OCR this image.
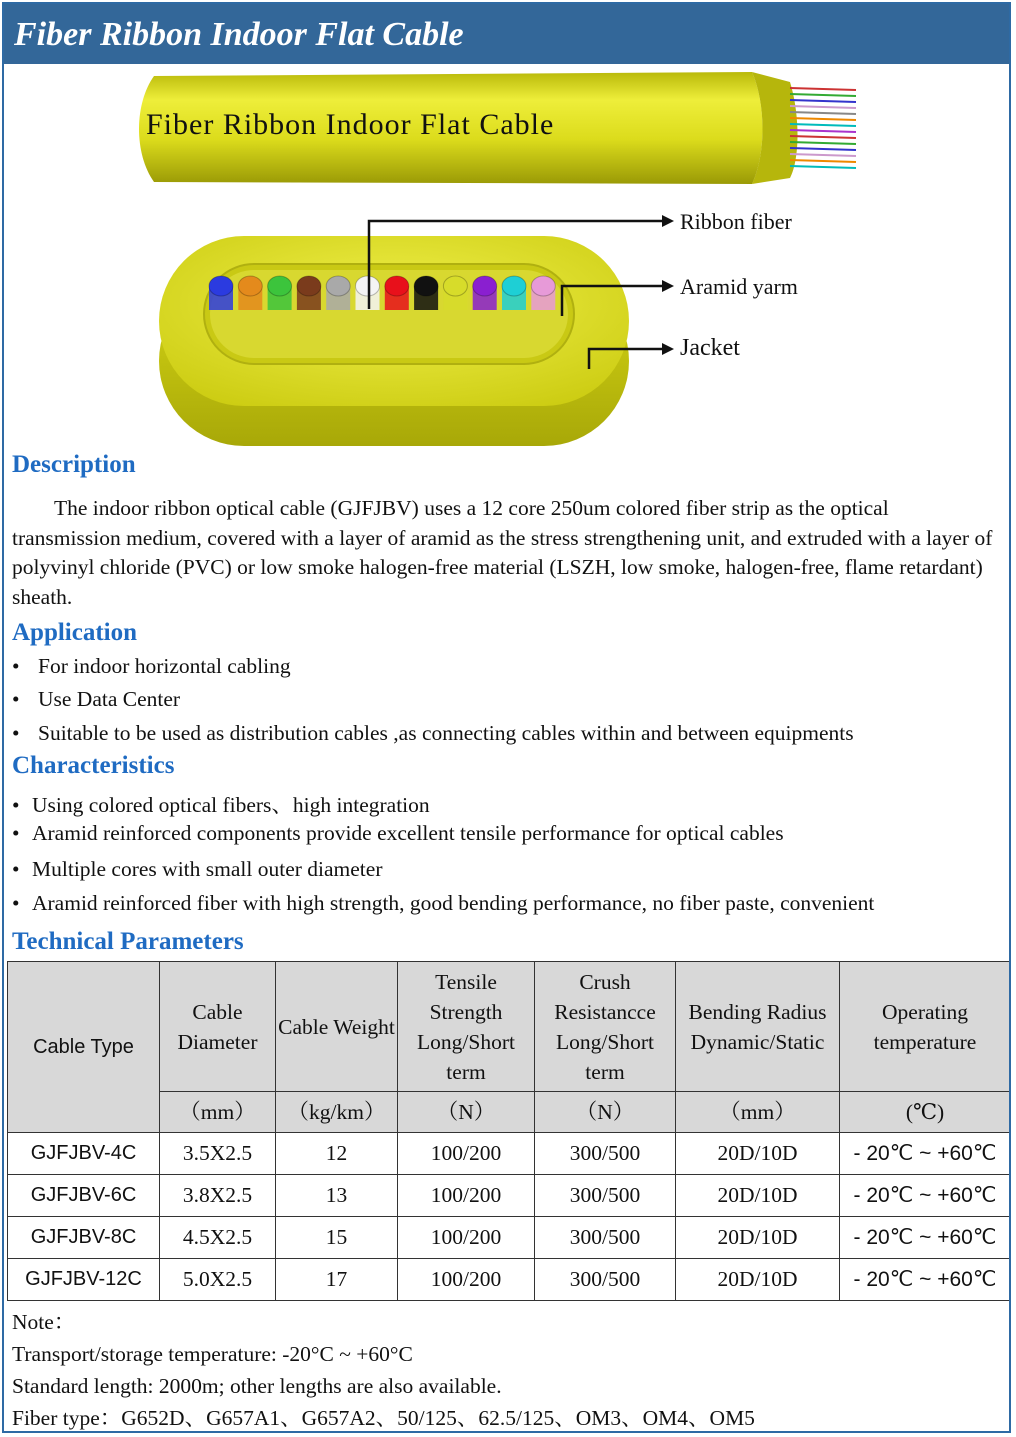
Fiber Ribbon Indoor Flat Cable
Fiber Ribbon Indoor Flat Cable
Ribbon fiber
Aramid yarm
Jacket
Description
The indoor ribbon optical cable (GJFJBV) uses a 12 core 250um colored fiber strip as the optical transmission medium, covered with a layer of aramid as the stress strengthening unit, and extruded with a layer of polyvinyl chloride (PVC) or low smoke halogen-free material (LSZH, low smoke, halogen-free, flame retardant) sheath.
Application
• For indoor horizontal cabling
• Use Data Center
• Suitable to be used as distribution cables ,as connecting cables within and between equipments
Characteristics
• Using colored optical fibers、high integration
• Aramid reinforced components provide excellent tensile performance for optical cables
• Multiple cores with small outer diameter
• Aramid reinforced fiber with high strength, good bending performance, no fiber paste, convenient
Technical Parameters
Cable Type	Cable Diameter	Cable Weight	Tensile Strength Long/Short term	Crush Resistancce Long/Short term	Bending Radius Dynamic/Static	Operating temperature
	（mm）	（kg/km）	（N）	（N）	（mm）	(℃)
GJFJBV-4C	3.5X2.5	12	100/200	300/500	20D/10D	- 20℃ ~ +60℃
GJFJBV-6C	3.8X2.5	13	100/200	300/500	20D/10D	- 20℃ ~ +60℃
GJFJBV-8C	4.5X2.5	15	100/200	300/500	20D/10D	- 20℃ ~ +60℃
GJFJBV-12C	5.0X2.5	17	100/200	300/500	20D/10D	- 20℃ ~ +60℃
Note：
Transport/storage temperature: -20°C ~ +60°C
Standard length: 2000m; other lengths are also available.
Fiber type：G652D、G657A1、G657A2、50/125、62.5/125、OM3、OM4、OM5
